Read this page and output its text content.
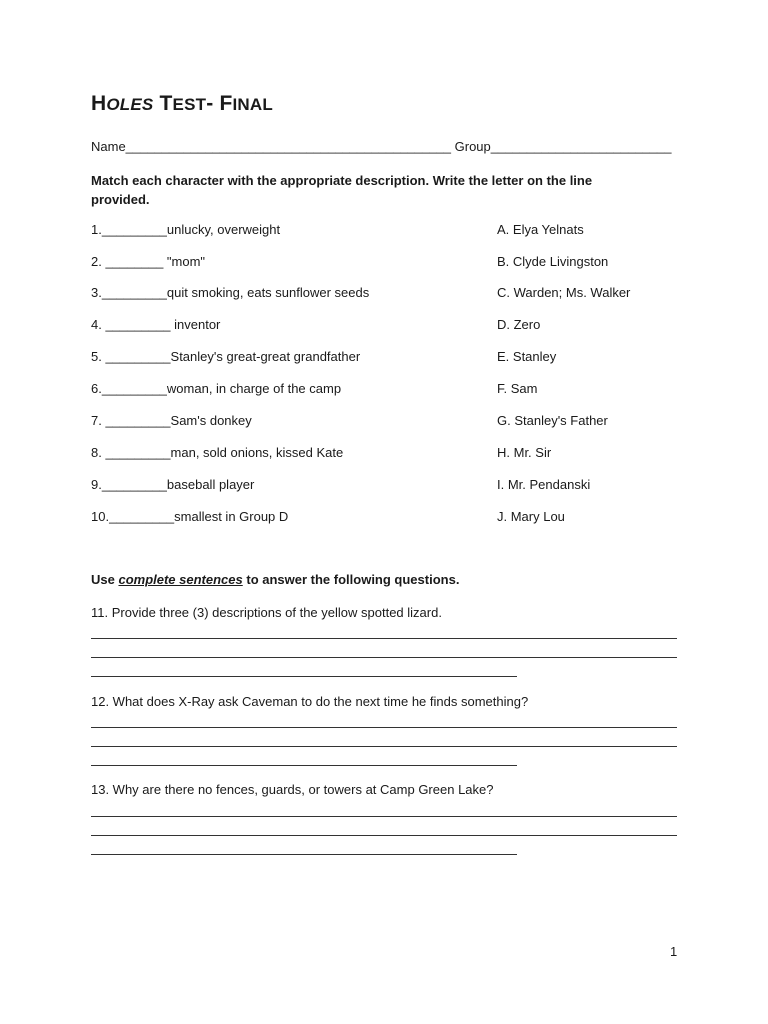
HOLES TEST- FINAL
Name_____________________________________________ Group_________________________
Match each character with the appropriate description. Write the letter on the line provided.
1._________unlucky, overweight	A. Elya Yelnats
2. ________ "mom"	B. Clyde Livingston
3._________quit smoking, eats sunflower seeds	C. Warden; Ms. Walker
4. _________ inventor	D. Zero
5. _________Stanley's great-great grandfather	E. Stanley
6._________woman, in charge of the camp	F. Sam
7. _________Sam's donkey	G. Stanley's Father
8. _________man, sold onions, kissed Kate	H. Mr. Sir
9._________baseball player	I. Mr. Pendanski
10._________smallest in Group D	J. Mary Lou
Use complete sentences to answer the following questions.
11. Provide three (3) descriptions of the yellow spotted lizard.
12. What does X-Ray ask Caveman to do the next time he finds something?
13. Why are there no fences, guards, or towers at Camp Green Lake?
1
